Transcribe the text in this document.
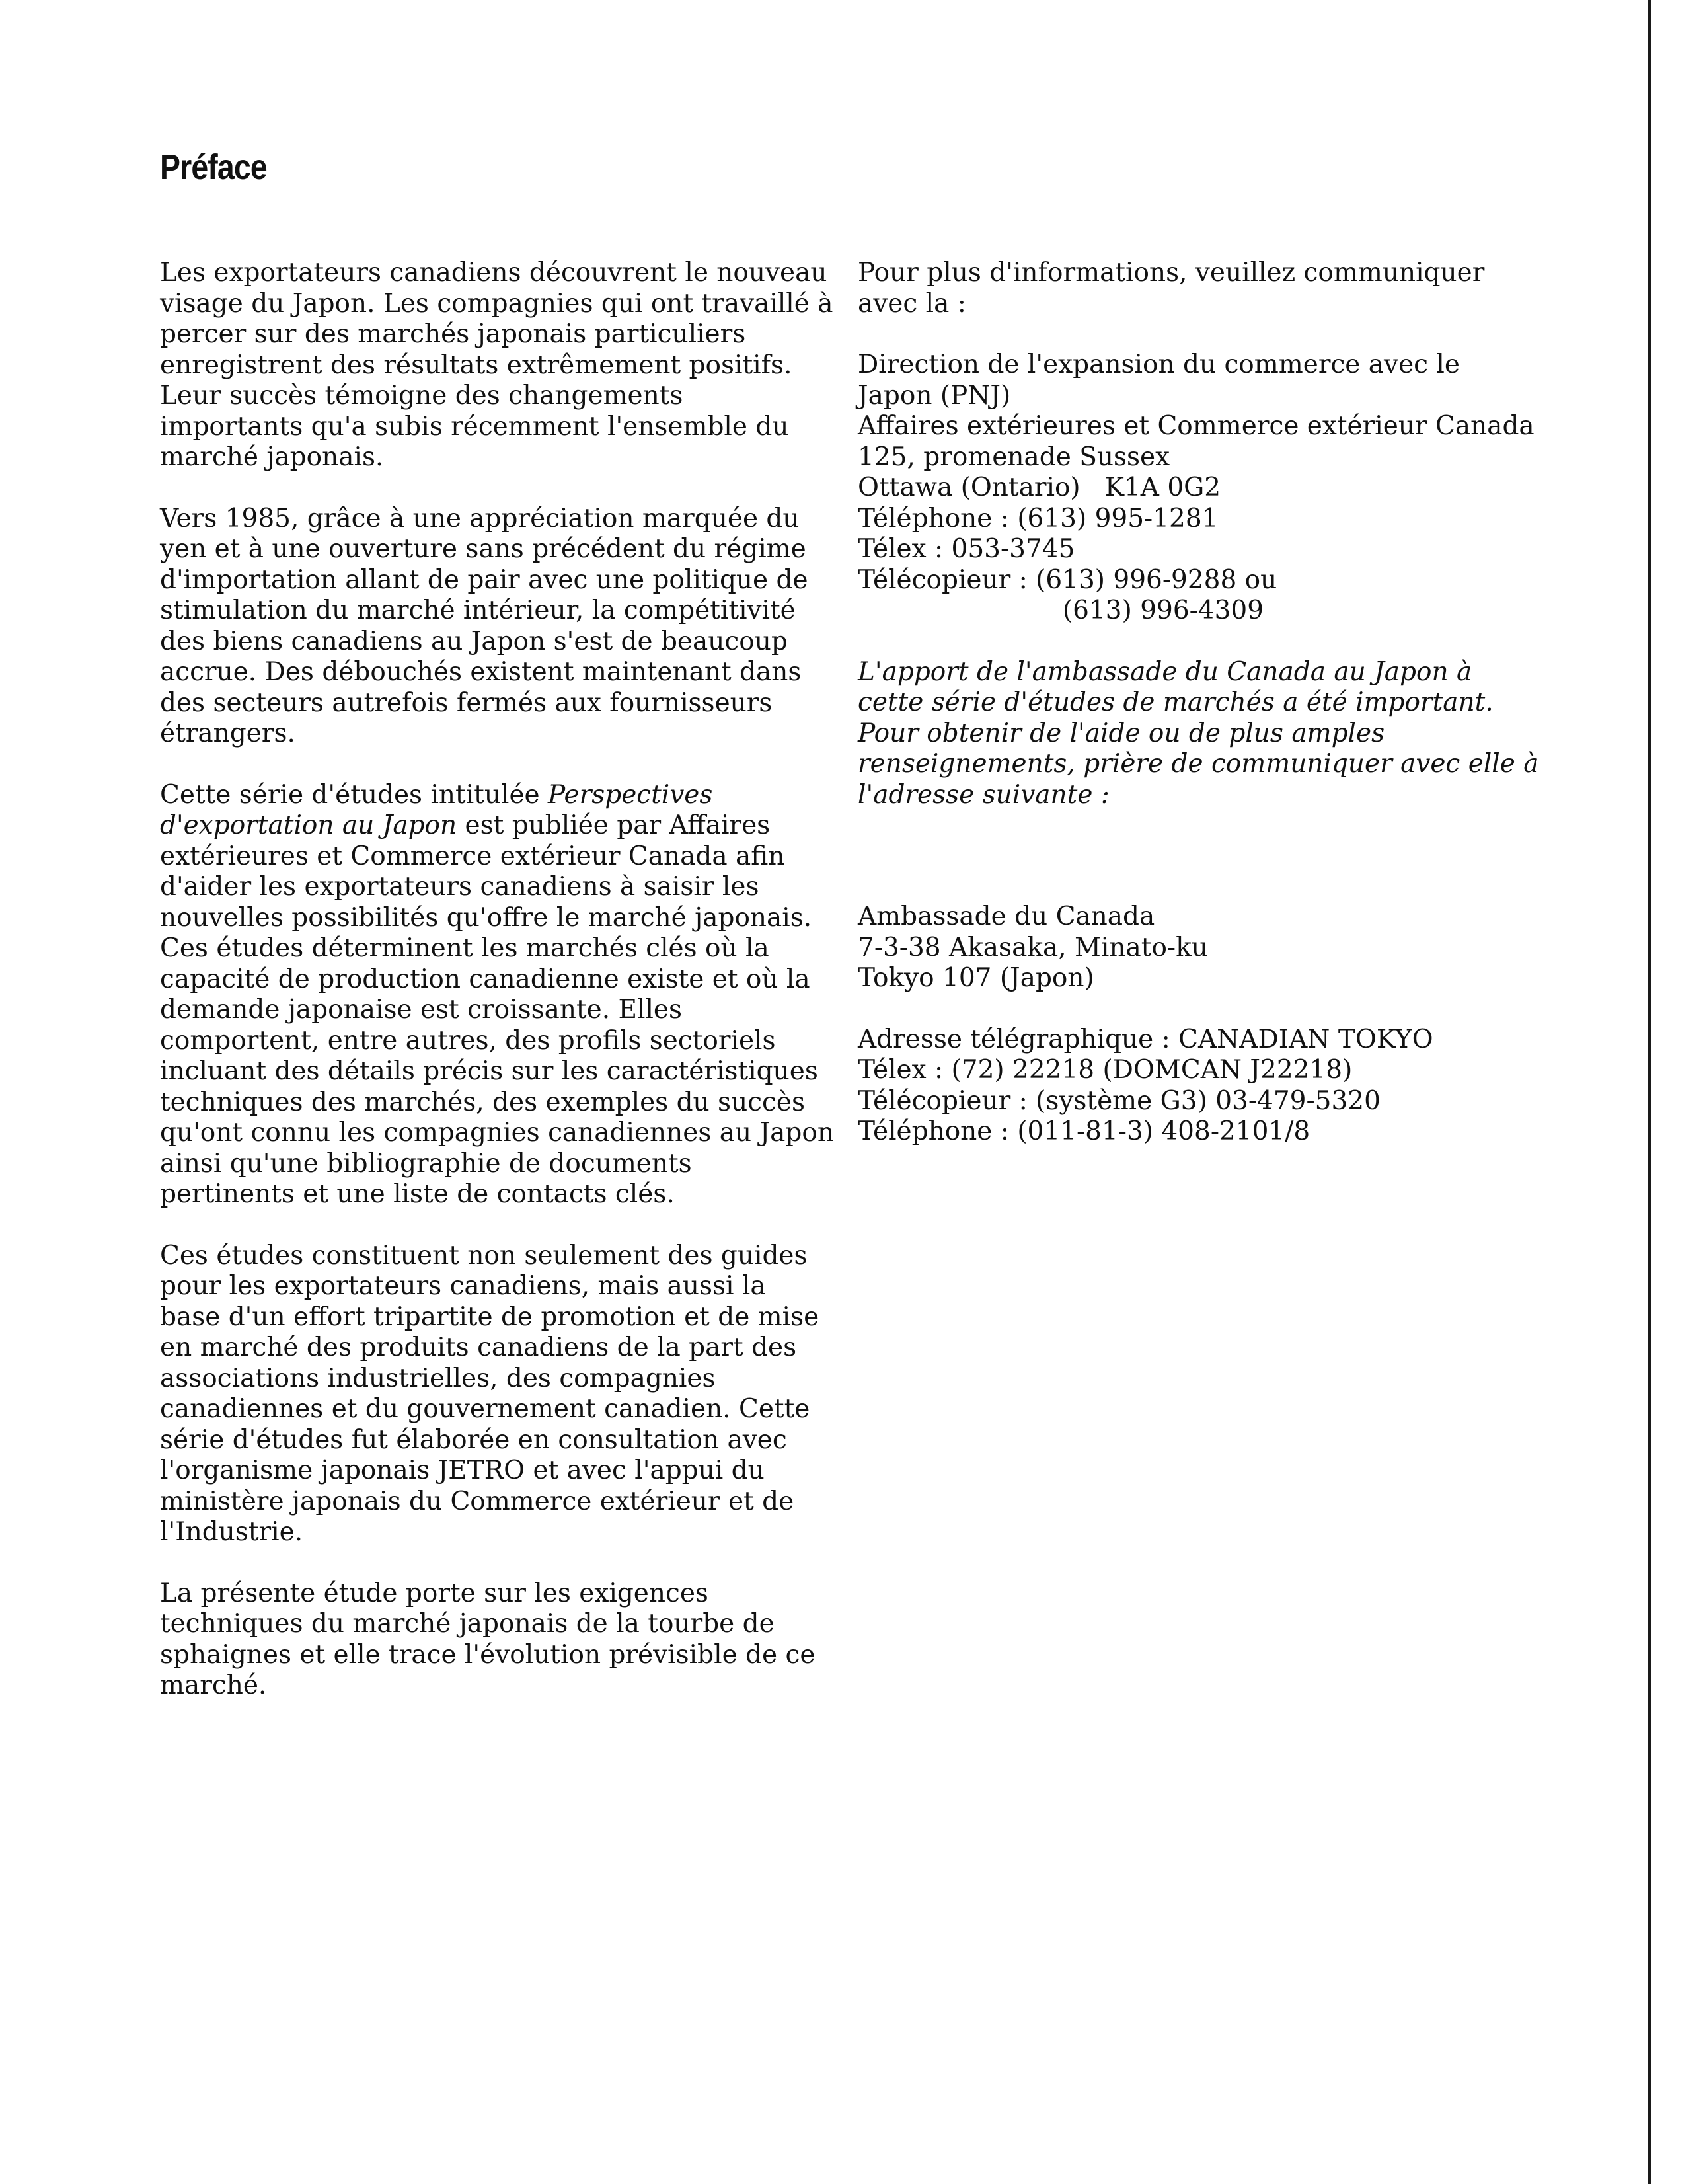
Préface

Les exportateurs canadiens découvrent le nouveau visage du Japon. Les compagnies qui ont travaillé à percer sur des marchés japonais particuliers enregistrent des résultats extrêmement positifs. Leur succès témoigne des changements importants qu'a subis récemment l'ensemble du marché japonais.

Vers 1985, grâce à une appréciation marquée du yen et à une ouverture sans précédent du régime d'importation allant de pair avec une politique de stimulation du marché intérieur, la compétitivité des biens canadiens au Japon s'est de beaucoup accrue. Des débouchés existent maintenant dans des secteurs autrefois fermés aux fournisseurs étrangers.

Cette série d'études intitulée Perspectives d'exportation au Japon est publiée par Affaires extérieures et Commerce extérieur Canada afin d'aider les exportateurs canadiens à saisir les nouvelles possibilités qu'offre le marché japonais. Ces études déterminent les marchés clés où la capacité de production canadienne existe et où la demande japonaise est croissante. Elles comportent, entre autres, des profils sectoriels incluant des détails précis sur les caractéristiques techniques des marchés, des exemples du succès qu'ont connu les compagnies canadiennes au Japon ainsi qu'une bibliographie de documents pertinents et une liste de contacts clés.

Ces études constituent non seulement des guides pour les exportateurs canadiens, mais aussi la base d'un effort tripartite de promotion et de mise en marché des produits canadiens de la part des associations industrielles, des compagnies canadiennes et du gouvernement canadien. Cette série d'études fut élaborée en consultation avec l'organisme japonais JETRO et avec l'appui du ministère japonais du Commerce extérieur et de l'Industrie.

La présente étude porte sur les exigences techniques du marché japonais de la tourbe de sphaignes et elle trace l'évolution prévisible de ce marché.

Pour plus d'informations, veuillez communiquer avec la :

Direction de l'expansion du commerce avec le
Japon (PNJ)
Affaires extérieures et Commerce extérieur Canada
125, promenade Sussex
Ottawa (Ontario)   K1A 0G2
Téléphone : (613) 995-1281
Télex : 053-3745
Télécopieur : (613) 996-9288 ou
(613) 996-4309

L'apport de l'ambassade du Canada au Japon à cette série d'études de marchés a été important. Pour obtenir de l'aide ou de plus amples renseignements, prière de communiquer avec elle à l'adresse suivante :

Ambassade du Canada
7-3-38 Akasaka, Minato-ku
Tokyo 107 (Japon)
Adresse télégraphique : CANADIAN TOKYO
Télex : (72) 22218 (DOMCAN J22218)
Télécopieur : (système G3) 03-479-5320
Téléphone : (011-81-3) 408-2101/8
